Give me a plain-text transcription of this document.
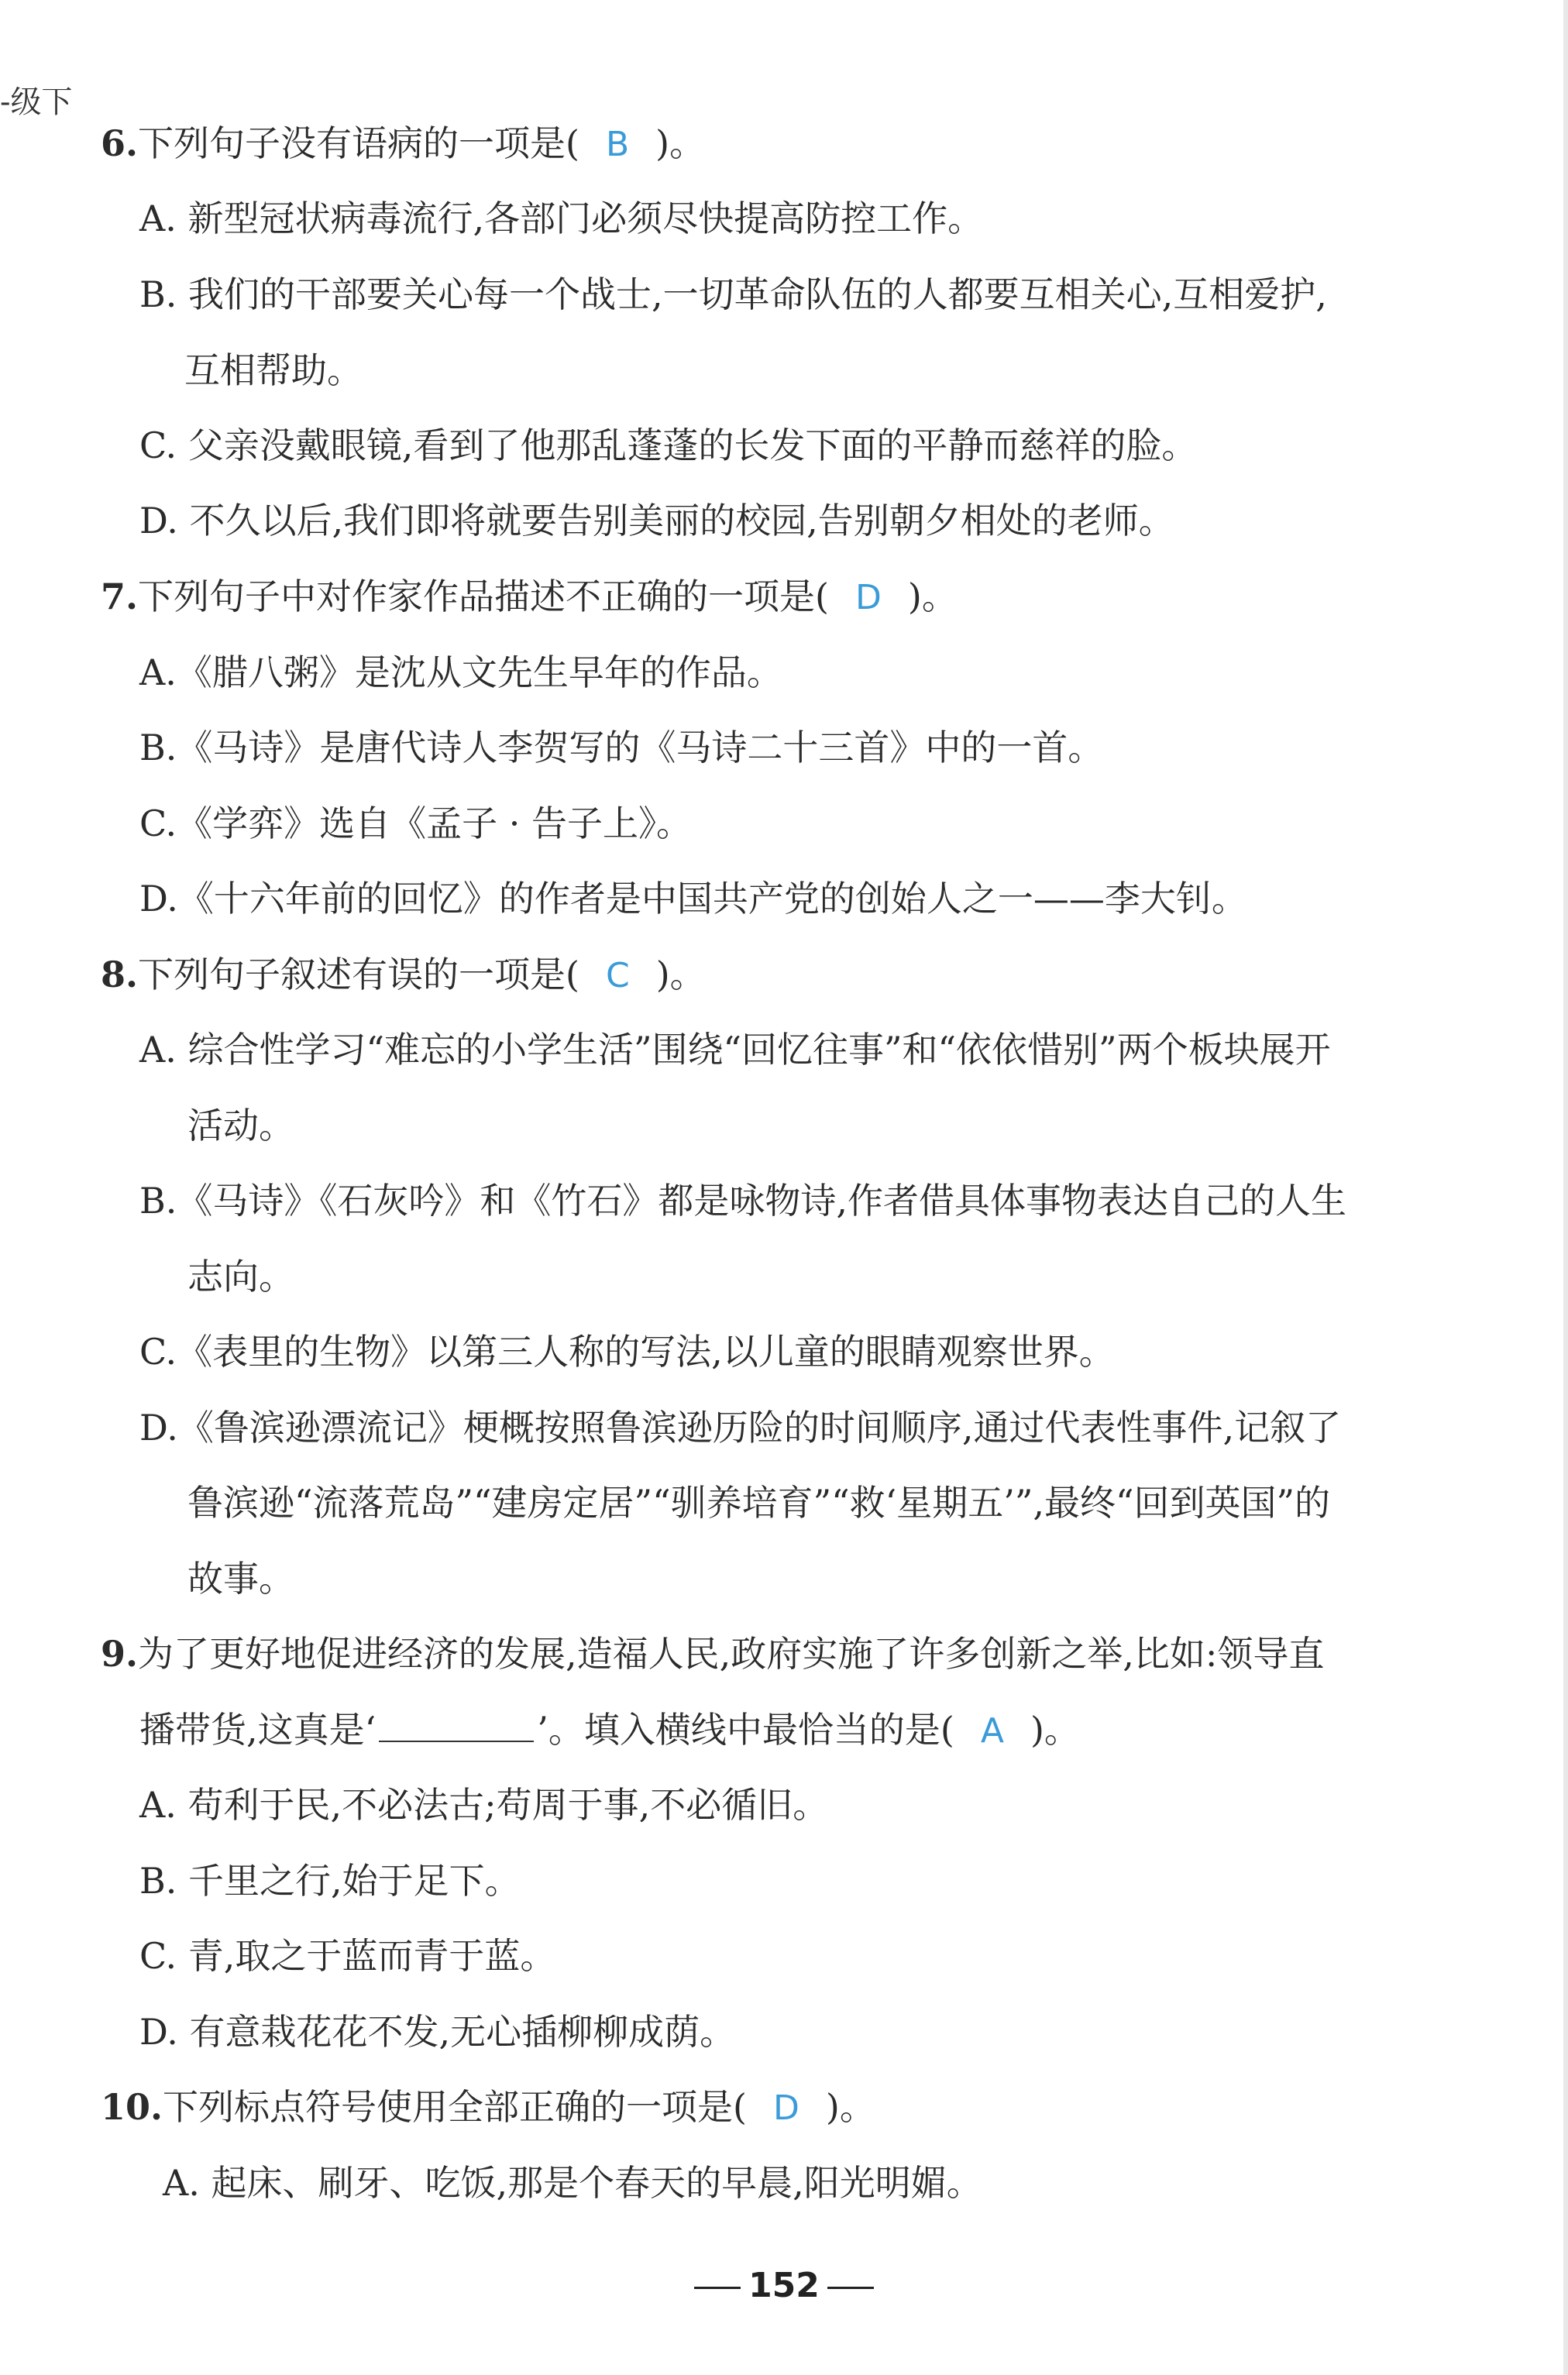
-级下
6.下列句子没有语病的一项是( B )。
A. 新型冠状病毒流行,各部门必须尽快提高防控工作。
B. 我们的干部要关心每一个战士,一切革命队伍的人都要互相关心,互相爱护,
互相帮助。
C. 父亲没戴眼镜,看到了他那乱蓬蓬的长发下面的平静而慈祥的脸。
D. 不久以后,我们即将就要告别美丽的校园,告别朝夕相处的老师。
7.下列句子中对作家作品描述不正确的一项是( D )。
A.《腊八粥》是沈从文先生早年的作品。
B.《马诗》是唐代诗人李贺写的《马诗二十三首》中的一首。
C.《学弈》选自《孟子 · 告子上》。
D.《十六年前的回忆》的作者是中国共产党的创始人之一——李大钊。
8.下列句子叙述有误的一项是( C )。
A. 综合性学习“难忘的小学生活”围绕“回忆往事”和“依依惜别”两个板块展开
活动。
B.《马诗》《石灰吟》和《竹石》都是咏物诗,作者借具体事物表达自己的人生
志向。
C.《表里的生物》以第三人称的写法,以儿童的眼睛观察世界。
D.《鲁滨逊漂流记》梗概按照鲁滨逊历险的时间顺序,通过代表性事件,记叙了
鲁滨逊“流落荒岛”“建房定居”“驯养培育”“救‘星期五’”,最终“回到英国”的
故事。
9.为了更好地促进经济的发展,造福人民,政府实施了许多创新之举,比如:领导直
播带货,这真是‘	’。填入横线中最恰当的是( A )。
A. 苟利于民,不必法古;苟周于事,不必循旧。
B. 千里之行,始于足下。
C. 青,取之于蓝而青于蓝。
D. 有意栽花花不发,无心插柳柳成荫。
10.下列标点符号使用全部正确的一项是( D )。
A. 起床、刷牙、吃饭,那是个春天的早晨,阳光明媚。
152
